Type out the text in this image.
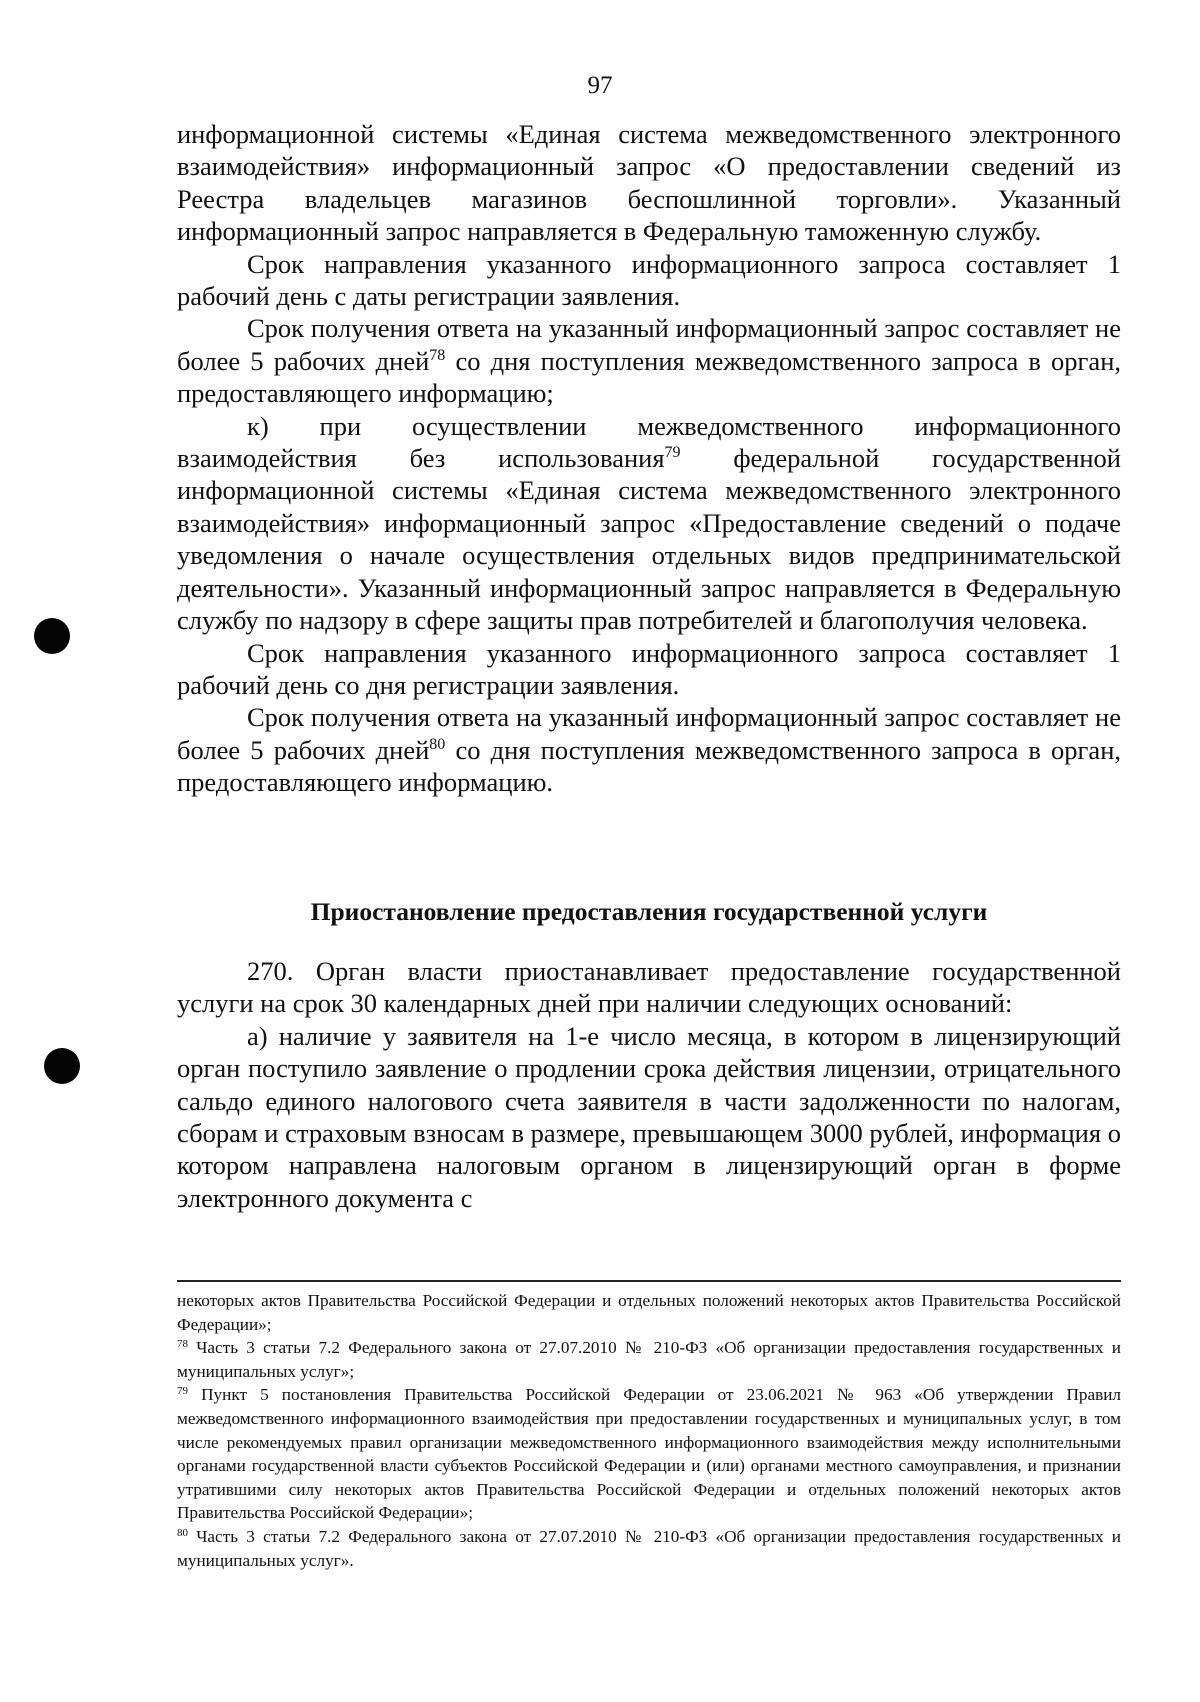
97

информационной системы «Единая система межведомственного электронного взаимодействия» информационный запрос «О предоставлении сведений из Реестра владельцев магазинов беспошлинной торговли». Указанный информационный запрос направляется в Федеральную таможенную службу.

Срок направления указанного информационного запроса составляет 1 рабочий день с даты регистрации заявления.

Срок получения ответа на указанный информационный запрос составляет не более 5 рабочих дней$^{78}$ со дня поступления межведомственного запроса в орган, предоставляющего информацию;

к) при осуществлении межведомственного информационного взаимодействия без использования$^{79}$ федеральной государственной информационной системы «Единая система межведомственного электронного взаимодействия» информационный запрос «Предоставление сведений о подаче уведомления о начале осуществления отдельных видов предпринимательской деятельности». Указанный информационный запрос направляется в Федеральную службу по надзору в сфере защиты прав потребителей и благополучия человека.

Срок направления указанного информационного запроса составляет 1 рабочий день со дня регистрации заявления.

Срок получения ответа на указанный информационный запрос составляет не более 5 рабочих дней$^{80}$ со дня поступления межведомственного запроса в орган, предоставляющего информацию.

Приостановление предоставления государственной услуги

270. Орган власти приостанавливает предоставление государственной услуги на срок 30 календарных дней при наличии следующих оснований:

а) наличие у заявителя на 1-е число месяца, в котором в лицензирующий орган поступило заявление о продлении срока действия лицензии, отрицательного сальдо единого налогового счета заявителя в части задолженности по налогам, сборам и страховым взносам в размере, превышающем 3000 рублей, информация о котором направлена налоговым органом в лицензирующий орган в форме электронного документа с

некоторых актов Правительства Российской Федерации и отдельных положений некоторых актов Правительства Российской Федерации»;

$^{78}$ Часть 3 статьи 7.2 Федерального закона от 27.07.2010 № 210-ФЗ «Об организации предоставления государственных и муниципальных услуг»;

$^{79}$ Пункт 5 постановления Правительства Российской Федерации от 23.06.2021 № 963 «Об утверждении Правил межведомственного информационного взаимодействия при предоставлении государственных и муниципальных услуг, в том числе рекомендуемых правил организации межведомственного информационного взаимодействия между исполнительными органами государственной власти субъектов Российской Федерации и (или) органами местного самоуправления, и признании утратившими силу некоторых актов Правительства Российской Федерации и отдельных положений некоторых актов Правительства Российской Федерации»;

$^{80}$ Часть 3 статьи 7.2 Федерального закона от 27.07.2010 № 210-ФЗ «Об организации предоставления государственных и муниципальных услуг».
